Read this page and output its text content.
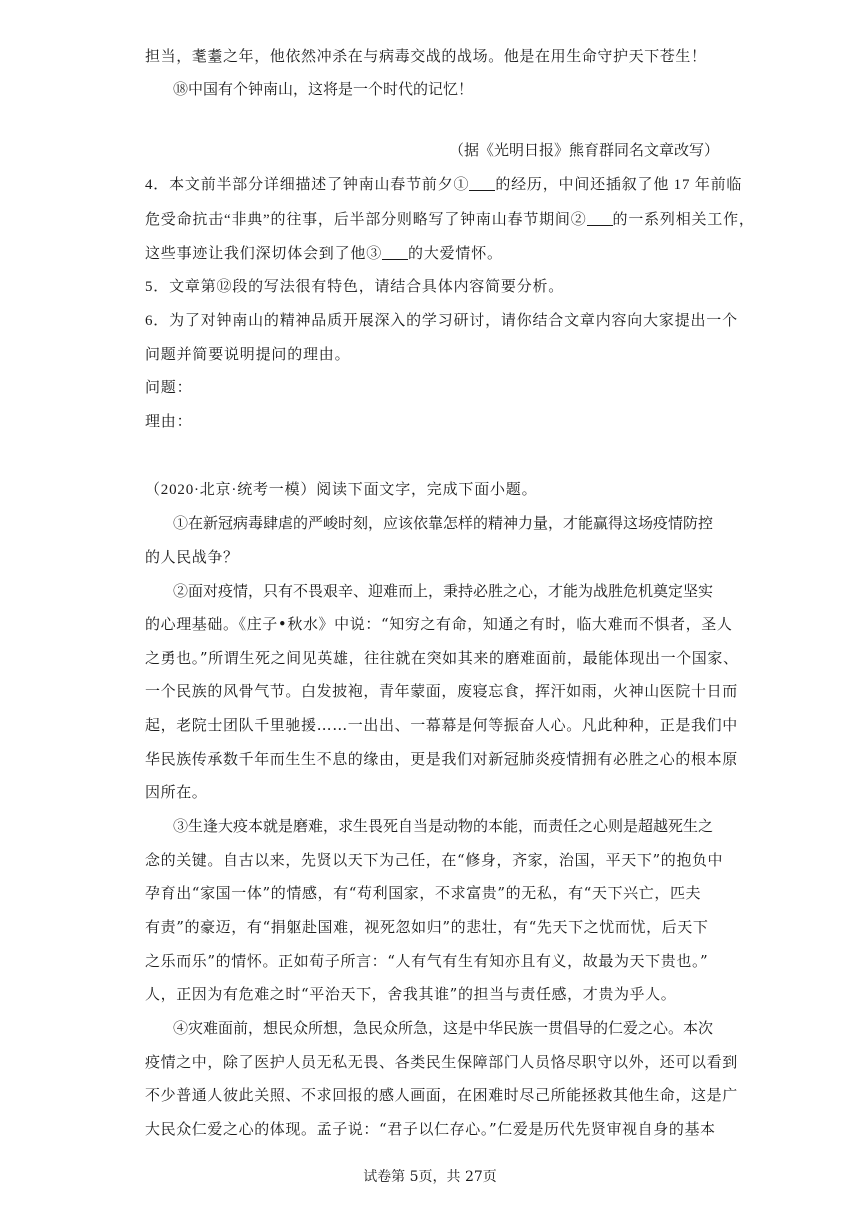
担当，耄耋之年，他依然冲杀在与病毒交战的战场。他是在用生命守护天下苍生！
⑱中国有个钟南山，这将是一个时代的记忆！
（据《光明日报》熊育群同名文章改写）
4．本文前半部分详细描述了钟南山春节前夕① 的经历，中间还插叙了他 17 年前临
危受命抗击“非典”的往事，后半部分则略写了钟南山春节期间② 的一系列相关工作，
这些事迹让我们深切体会到了他③ 的大爱情怀。
5．文章第⑫段的写法很有特色，请结合具体内容简要分析。
6．为了对钟南山的精神品质开展深入的学习研讨，请你结合文章内容向大家提出一个
问题并简要说明提问的理由。
问题：
理由：
（2020·北京·统考一模）阅读下面文字，完成下面小题。
①在新冠病毒肆虐的严峻时刻，应该依靠怎样的精神力量，才能赢得这场疫情防控
的人民战争？
②面对疫情，只有不畏艰辛、迎难而上，秉持必胜之心，才能为战胜危机奠定坚实
的心理基础。《庄子•秋水》中说：“知穷之有命，知通之有时，临大难而不惧者，圣人
之勇也。”所谓生死之间见英雄，往往就在突如其来的磨难面前，最能体现出一个国家、
一个民族的风骨气节。白发披袍，青年蒙面，废寝忘食，挥汗如雨，火神山医院十日而
起，老院士团队千里驰援……一出出、一幕幕是何等振奋人心。凡此种种，正是我们中
华民族传承数千年而生生不息的缘由，更是我们对新冠肺炎疫情拥有必胜之心的根本原
因所在。
③生逢大疫本就是磨难，求生畏死自当是动物的本能，而责任之心则是超越死生之
念的关键。自古以来，先贤以天下为己任，在“修身，齐家，治国，平天下”的抱负中
孕育出“家国一体”的情感，有“苟利国家，不求富贵”的无私，有“天下兴亡，匹夫
有责”的豪迈，有“捐躯赴国难，视死忽如归”的悲壮，有“先天下之忧而忧，后天下
之乐而乐”的情怀。正如荀子所言：“人有气有生有知亦且有义，故最为天下贵也。”
人，正因为有危难之时“平治天下，舍我其谁”的担当与责任感，才贵为乎人。
④灾难面前，想民众所想，急民众所急，这是中华民族一贯倡导的仁爱之心。本次
疫情之中，除了医护人员无私无畏、各类民生保障部门人员恪尽职守以外，还可以看到
不少普通人彼此关照、不求回报的感人画面，在困难时尽己所能拯救其他生命，这是广
大民众仁爱之心的体现。孟子说：“君子以仁存心。”仁爱是历代先贤审视自身的基本
试卷第 5页，共 27页
